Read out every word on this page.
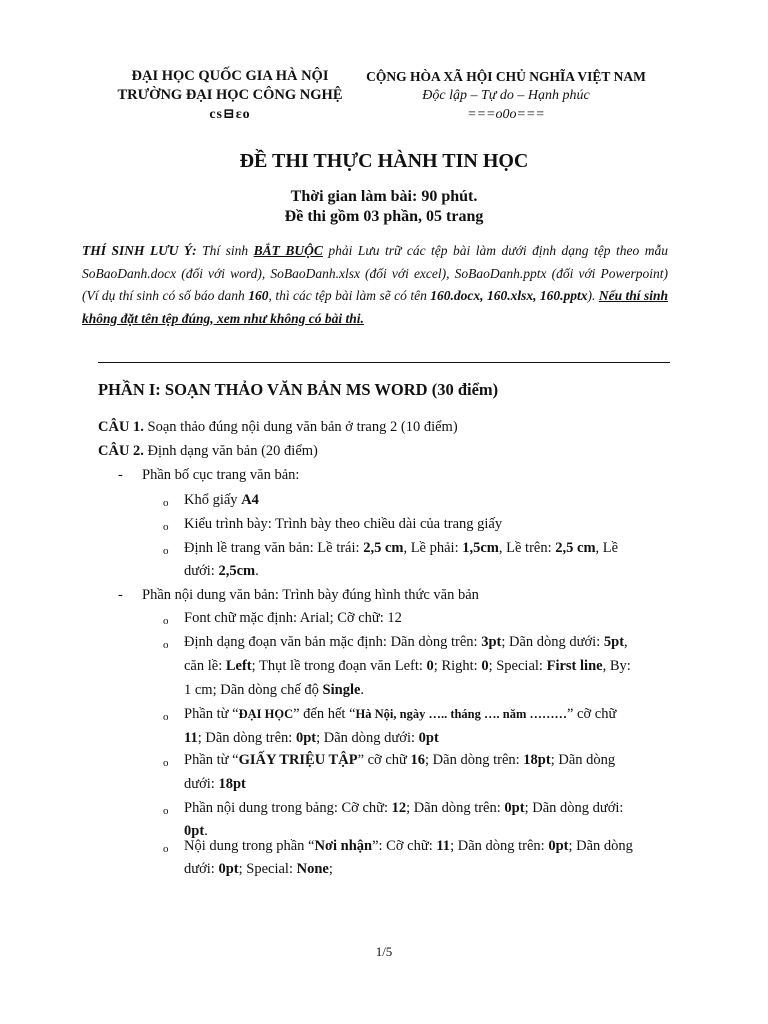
ĐẠI HỌC QUỐC GIA HÀ NỘI
TRƯỜNG ĐẠI HỌC CÔNG NGHỆ
cs⊟ɛo
CỘNG HÒA XÃ HỘI CHỦ NGHĨA VIỆT NAM
Độc lập – Tự do – Hạnh phúc
===o0o===
ĐỀ THI THỰC HÀNH TIN HỌC
Thời gian làm bài: 90 phút.
Đề thi gồm 03 phần, 05 trang
THÍ SINH LƯU Ý: Thí sinh BẮT BUỘC phải Lưu trữ các tệp bài làm dưới định dạng tệp theo mẫu SoBaoDanh.docx (đối với word), SoBaoDanh.xlsx (đối với excel), SoBaoDanh.pptx (đối với Powerpoint) (Ví dụ thí sinh có số báo danh 160, thì các tệp bài làm sẽ có tên 160.docx, 160.xlsx, 160.pptx). Nếu thí sinh không đặt tên tệp đúng, xem như không có bài thi.
PHẦN I: SOẠN THẢO VĂN BẢN MS WORD (30 điểm)
CÂU 1. Soạn thảo đúng nội dung văn bản ở trang 2 (10 điểm)
CÂU 2. Định dạng văn bản (20 điểm)
- Phần bố cục trang văn bản:
o Khổ giấy A4
o Kiểu trình bày: Trình bày theo chiều dài của trang giấy
o Định lề trang văn bản: Lề trái: 2,5 cm, Lề phải: 1,5cm, Lề trên: 2,5 cm, Lề
dưới: 2,5cm.
- Phần nội dung văn bản: Trình bày đúng hình thức văn bản
o Font chữ mặc định: Arial; Cỡ chữ: 12
o Định dạng đoạn văn bản mặc định: Dãn dòng trên: 3pt; Dãn dòng dưới: 5pt,
căn lề: Left; Thụt lề trong đoạn văn Left: 0; Right: 0; Special: First line, By:
1 cm; Dãn dòng chế độ Single.
o Phần từ “ĐẠI HỌC” đến hết “Hà Nội, ngày ….. tháng …. năm ………” cỡ chữ
11; Dãn dòng trên: 0pt; Dãn dòng dưới: 0pt
o Phần từ “GIẤY TRIỆU TẬP” cỡ chữ 16; Dãn dòng trên: 18pt; Dãn dòng
dưới: 18pt
o Phần nội dung trong bảng: Cỡ chữ: 12; Dãn dòng trên: 0pt; Dãn dòng dưới:
0pt.
o Nội dung trong phần “Nơi nhận”: Cỡ chữ: 11; Dãn dòng trên: 0pt; Dãn dòng
dưới: 0pt; Special: None;
1/5
